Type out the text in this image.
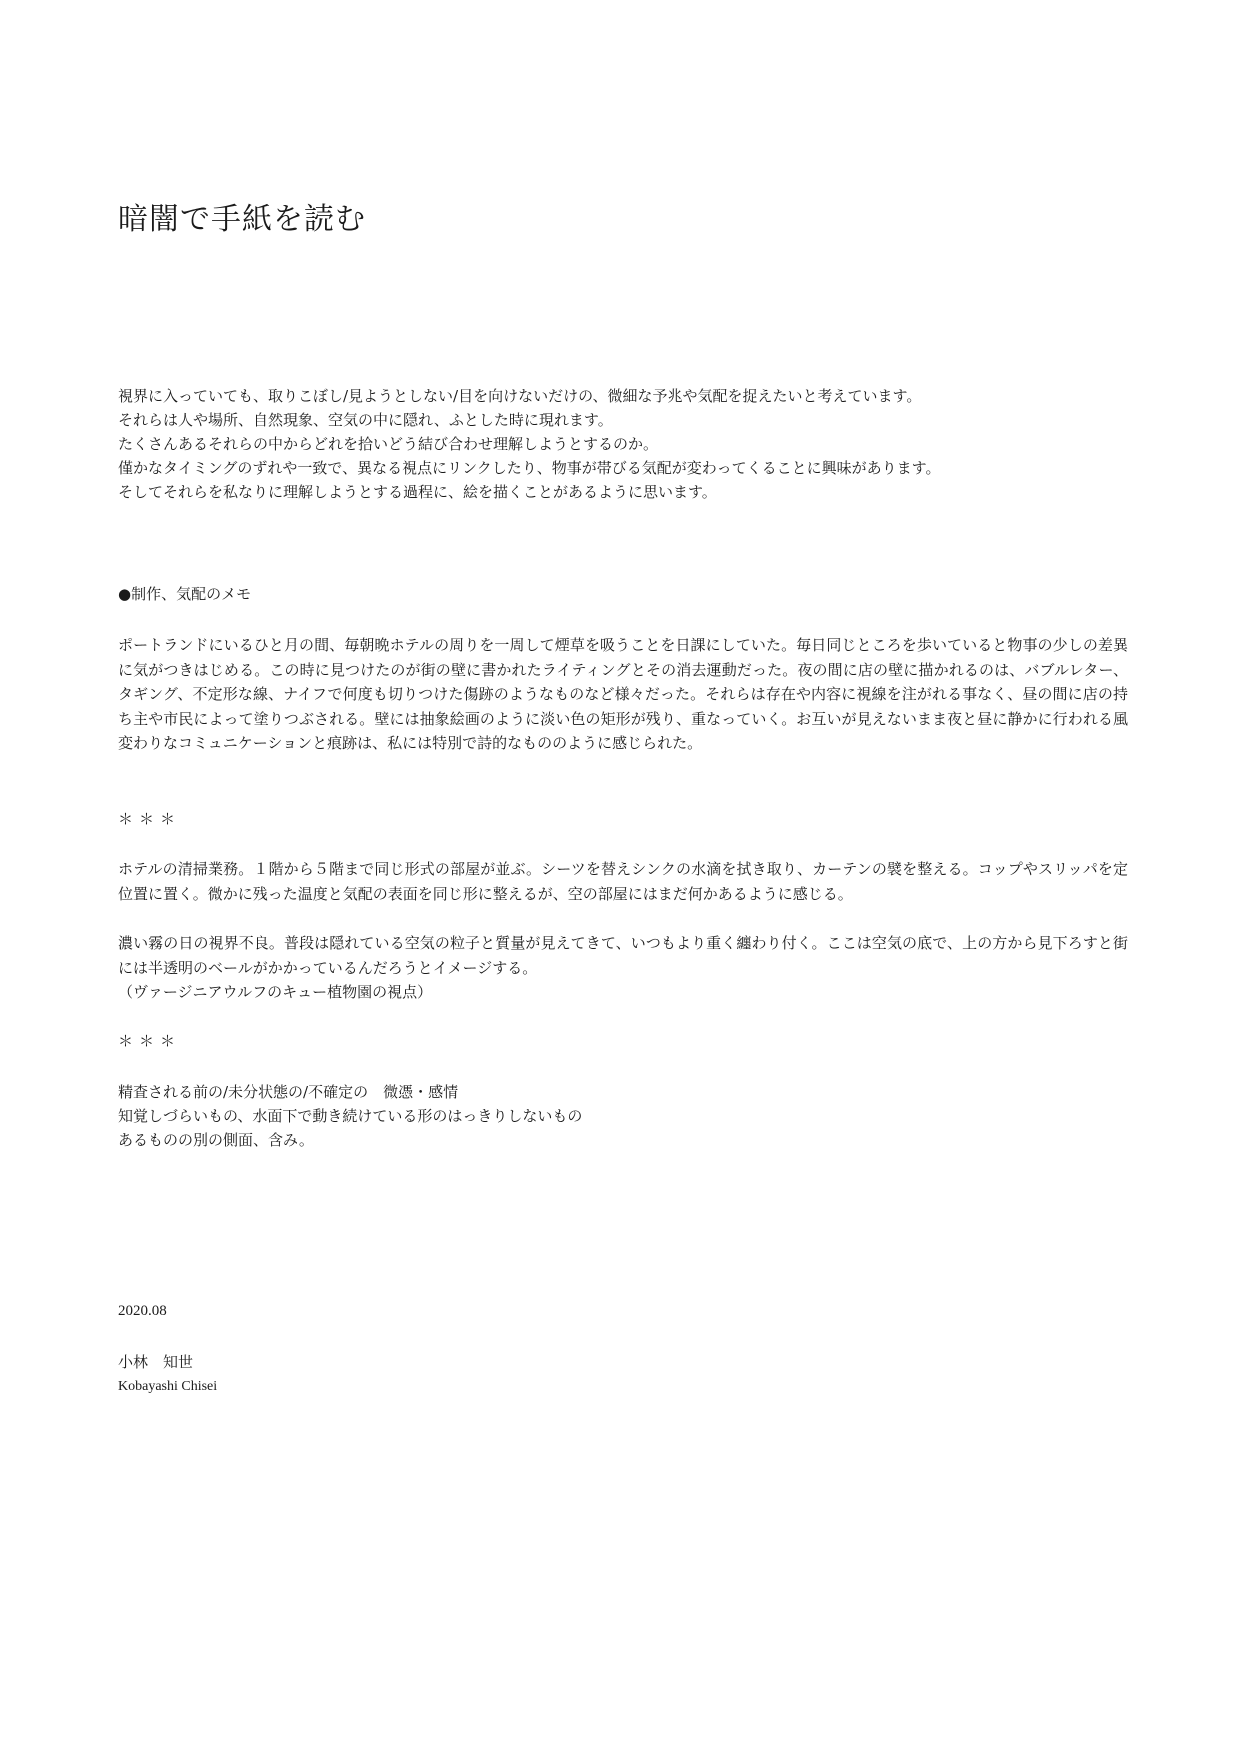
暗闇で手紙を読む
視界に入っていても、取りこぼし/見ようとしない/目を向けないだけの、微細な予兆や気配を捉えたいと考えています。
それらは人や場所、自然現象、空気の中に隠れ、ふとした時に現れます。
たくさんあるそれらの中からどれを拾いどう結び合わせ理解しようとするのか。
僅かなタイミングのずれや一致で、異なる視点にリンクしたり、物事が帯びる気配が変わってくることに興味があります。
そしてそれらを私なりに理解しようとする過程に、絵を描くことがあるように思います。
●制作、気配のメモ
ポートランドにいるひと月の間、毎朝晩ホテルの周りを一周して煙草を吸うことを日課にしていた。毎日同じところを歩いていると物事の少しの差異に気がつきはじめる。この時に見つけたのが街の壁に書かれたライティングとその消去運動だった。夜の間に店の壁に描かれるのは、バブルレター、タギング、不定形な線、ナイフで何度も切りつけた傷跡のようなものなど様々だった。それらは存在や内容に視線を注がれる事なく、昼の間に店の持ち主や市民によって塗りつぶされる。壁には抽象絵画のように淡い色の矩形が残り、重なっていく。お互いが見えないまま夜と昼に静かに行われる風変わりなコミュニケーションと痕跡は、私には特別で詩的なもののように感じられた。
＊＊＊
ホテルの清掃業務。１階から５階まで同じ形式の部屋が並ぶ。シーツを替えシンクの水滴を拭き取り、カーテンの襞を整える。コップやスリッパを定位置に置く。微かに残った温度と気配の表面を同じ形に整えるが、空の部屋にはまだ何かあるように感じる。
濃い霧の日の視界不良。普段は隠れている空気の粒子と質量が見えてきて、いつもより重く纏わり付く。ここは空気の底で、上の方から見下ろすと街には半透明のベールがかかっているんだろうとイメージする。
（ヴァージニアウルフのキュー植物園の視点）
＊＊＊
精査される前の/未分状態の/不確定の　微憑・感情
知覚しづらいもの、水面下で動き続けている形のはっきりしないもの
あるものの別の側面、含み。
2020.08
小林　知世
Kobayashi Chisei
